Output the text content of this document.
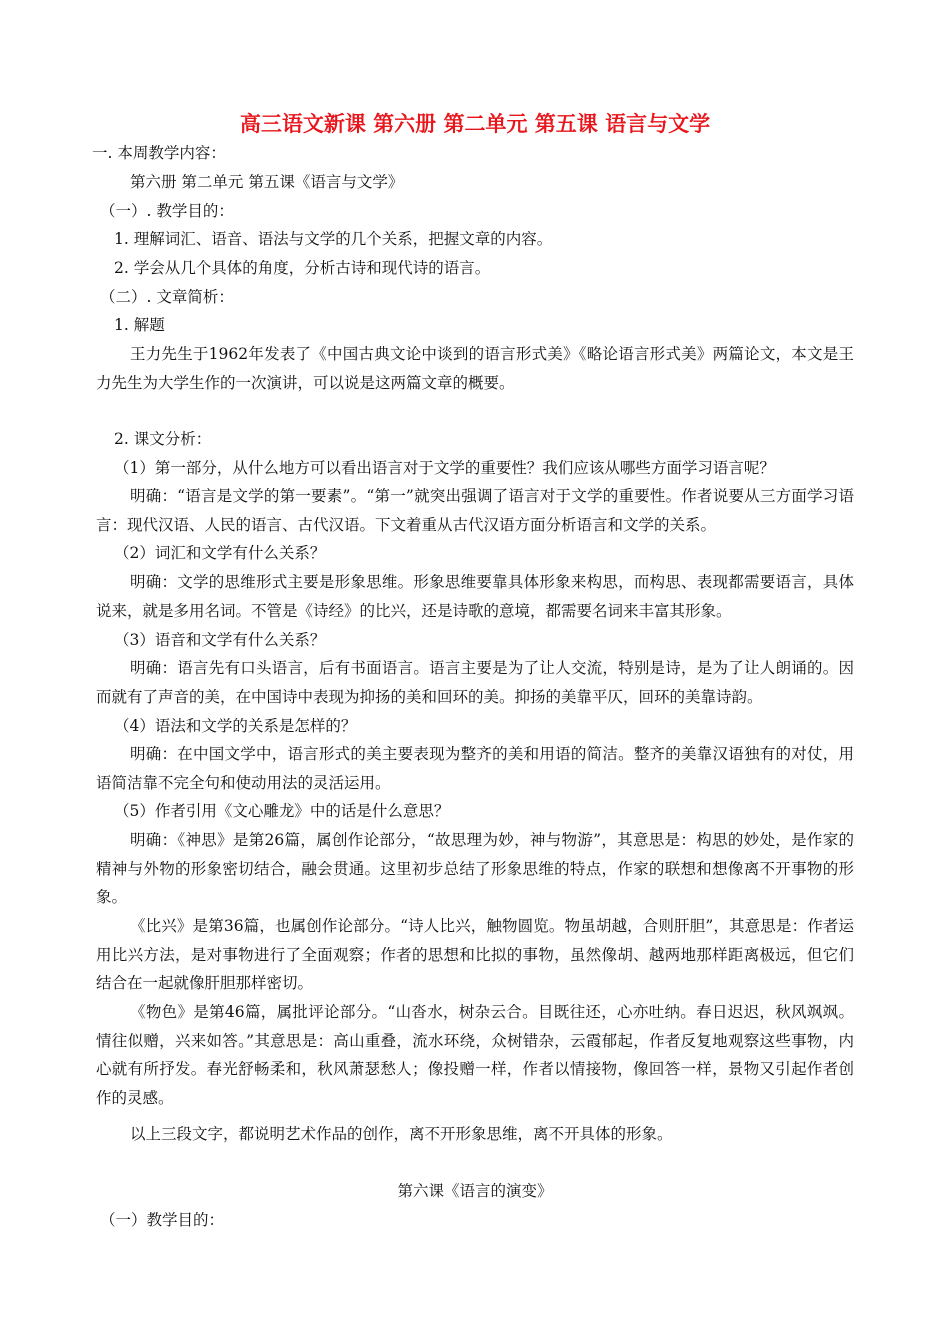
高三语文新课 第六册 第二单元 第五课 语言与文学
一. 本周教学内容：
第六册 第二单元 第五课《语言与文学》
（一）. 教学目的：
1. 理解词汇、语音、语法与文学的几个关系，把握文章的内容。
2. 学会从几个具体的角度，分析古诗和现代诗的语言。
（二）. 文章简析：
1. 解题
王力先生于1962年发表了《中国古典文论中谈到的语言形式美》《略论语言形式美》两篇论文，本文是王力先生为大学生作的一次演讲，可以说是这两篇文章的概要。
2. 课文分析：
（1）第一部分，从什么地方可以看出语言对于文学的重要性？我们应该从哪些方面学习语言呢？
明确：“语言是文学的第一要素”。“第一”就突出强调了语言对于文学的重要性。作者说要从三方面学习语言：现代汉语、人民的语言、古代汉语。下文着重从古代汉语方面分析语言和文学的关系。
（2）词汇和文学有什么关系？
明确：文学的思维形式主要是形象思维。形象思维要靠具体形象来构思，而构思、表现都需要语言，具体说来，就是多用名词。不管是《诗经》的比兴，还是诗歌的意境，都需要名词来丰富其形象。
（3）语音和文学有什么关系？
明确：语言先有口头语言，后有书面语言。语言主要是为了让人交流，特别是诗，是为了让人朗诵的。因而就有了声音的美，在中国诗中表现为抑扬的美和回环的美。抑扬的美靠平仄，回环的美靠诗韵。
（4）语法和文学的关系是怎样的？
明确：在中国文学中，语言形式的美主要表现为整齐的美和用语的简洁。整齐的美靠汉语独有的对仗，用语简洁靠不完全句和使动用法的灵活运用。
（5）作者引用《文心雕龙》中的话是什么意思？
明确：《神思》是第26篇，属创作论部分，“故思理为妙，神与物游”，其意思是：构思的妙处，是作家的精神与外物的形象密切结合，融会贯通。这里初步总结了形象思维的特点，作家的联想和想像离不开事物的形象。
《比兴》是第36篇，也属创作论部分。“诗人比兴，触物圆览。物虽胡越，合则肝胆”，其意思是：作者运用比兴方法，是对事物进行了全面观察；作者的思想和比拟的事物，虽然像胡、越两地那样距离极远，但它们结合在一起就像肝胆那样密切。
《物色》是第46篇，属批评论部分。“山沓水，树杂云合。目既往还，心亦吐纳。春日迟迟，秋风飒飒。情往似赠，兴来如答。”其意思是：高山重叠，流水环绕，众树错杂，云霞郁起，作者反复地观察这些事物，内心就有所抒发。春光舒畅柔和，秋风萧瑟愁人；像投赠一样，作者以情接物，像回答一样，景物又引起作者创作的灵感。
以上三段文字，都说明艺术作品的创作，离不开形象思维，离不开具体的形象。
第六课《语言的演变》
（一）教学目的：
